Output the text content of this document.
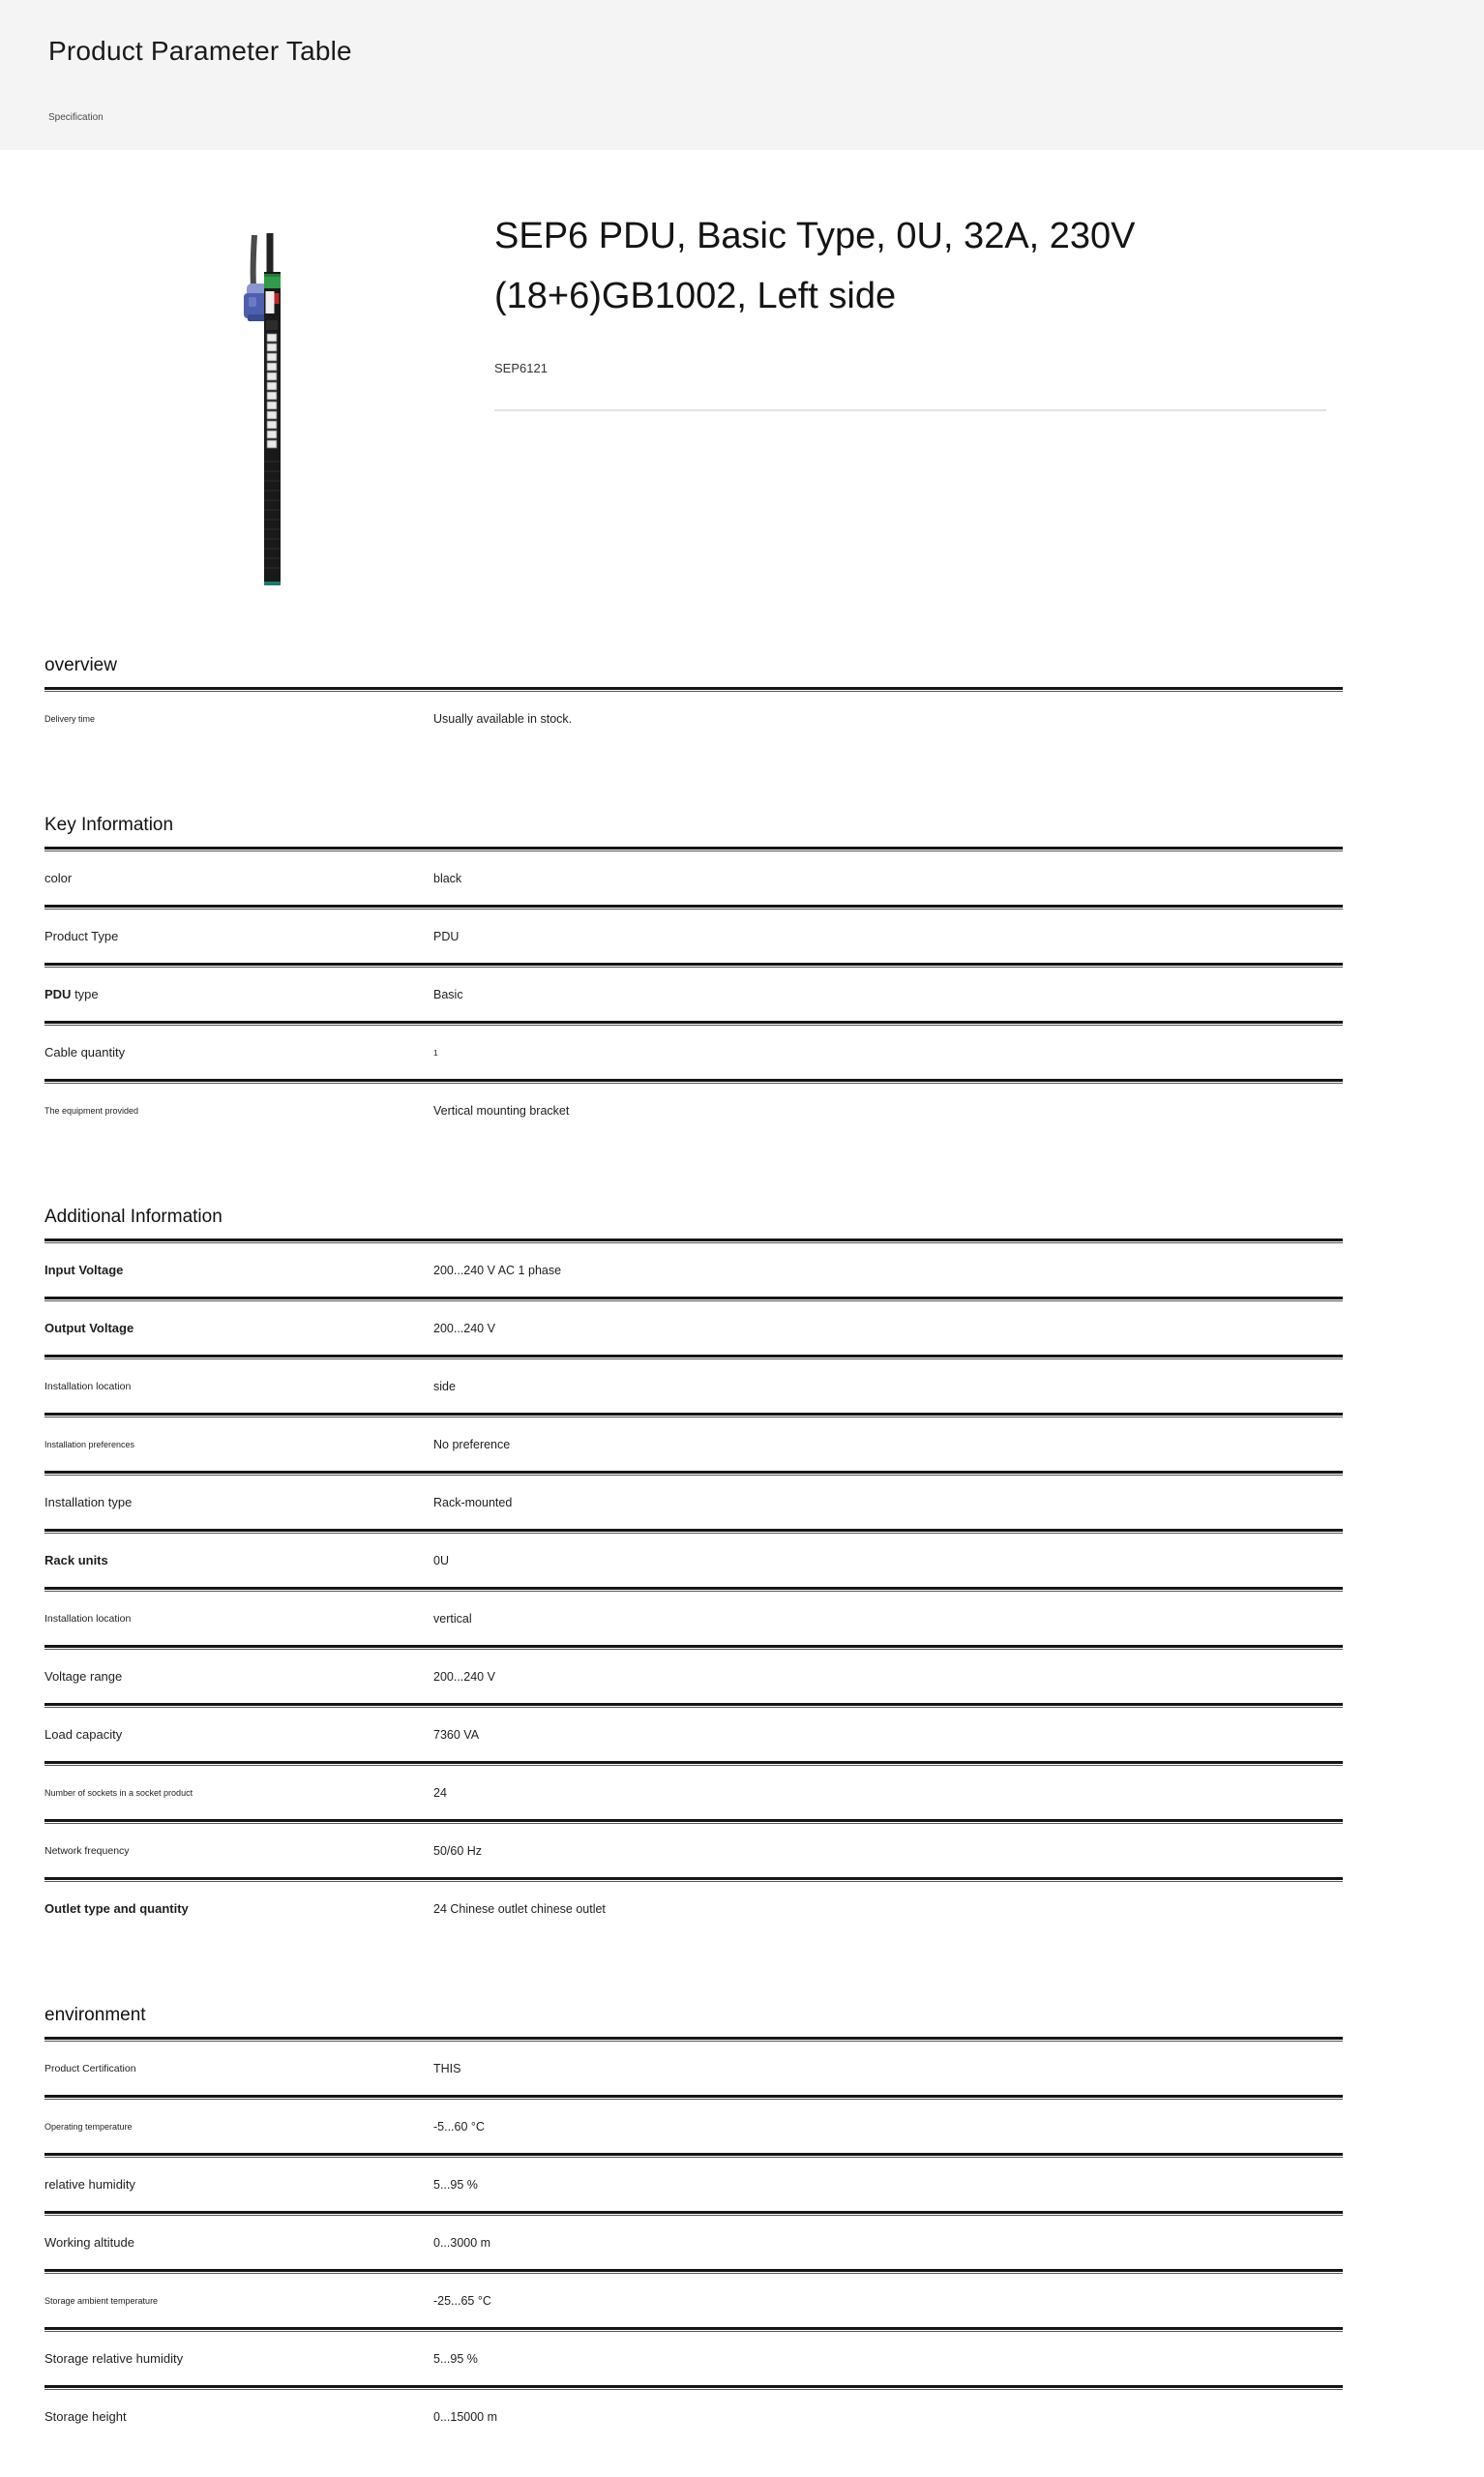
Product Parameter Table
Specification
SEP6 PDU, Basic Type, 0U, 32A, 230V (18+6)GB1002, Left side
SEP6121
overview
Delivery time	Usually available in stock.
Key Information
color	black
Product Type	PDU
PDU type	Basic
Cable quantity	1
The equipment provided	Vertical mounting bracket
Additional Information
Input Voltage	200...240 V AC 1 phase
Output Voltage	200...240 V
Installation location	side
Installation preferences	No preference
Installation type	Rack-mounted
Rack units	0U
Installation location	vertical
Voltage range	200...240 V
Load capacity	7360 VA
Number of sockets in a socket product	24
Network frequency	50/60 Hz
Outlet type and quantity	24 Chinese outlet chinese outlet
environment
Product Certification	THIS
Operating temperature	-5...60 °C
relative humidity	5...95 %
Working altitude	0...3000 m
Storage ambient temperature	-25...65 °C
Storage relative humidity	5...95 %
Storage height	0...15000 m
